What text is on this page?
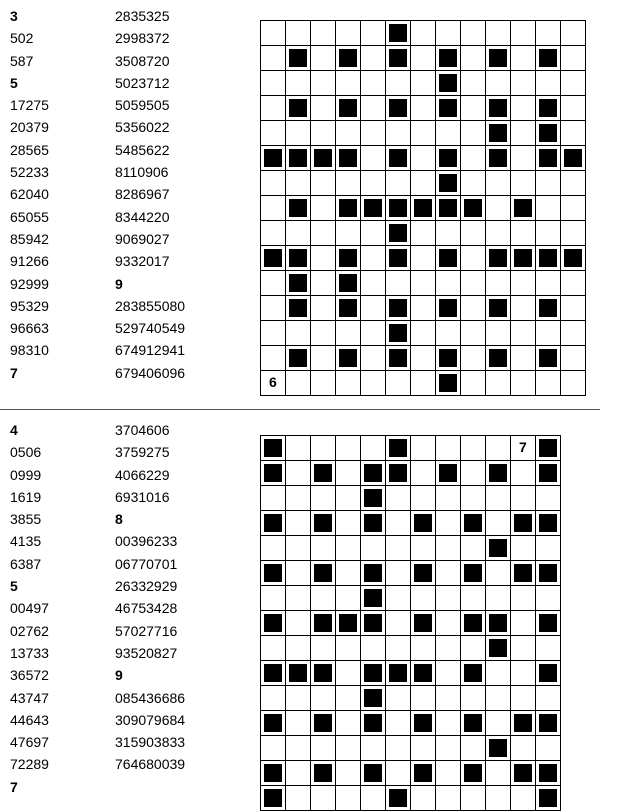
3
502
587
5
17275
20379
28565
52233
62040
65055
85942
91266
92999
95329
96663
98310
7
2835325
2998372
3508720
5023712
5059505
5356022
5485622
8110906
8286967
8344220
9069027
9332017
9
283855080
529740549
674912941
679406096
6
4
0506
0999
1619
3855
4135
6387
5
00497
02762
13733
36572
43747
44643
47697
72289
7
3704606
3759275
4066229
6931016
8
00396233
06770701
26332929
46753428
57027716
93520827
9
085436686
309079684
315903833
764680039
7
